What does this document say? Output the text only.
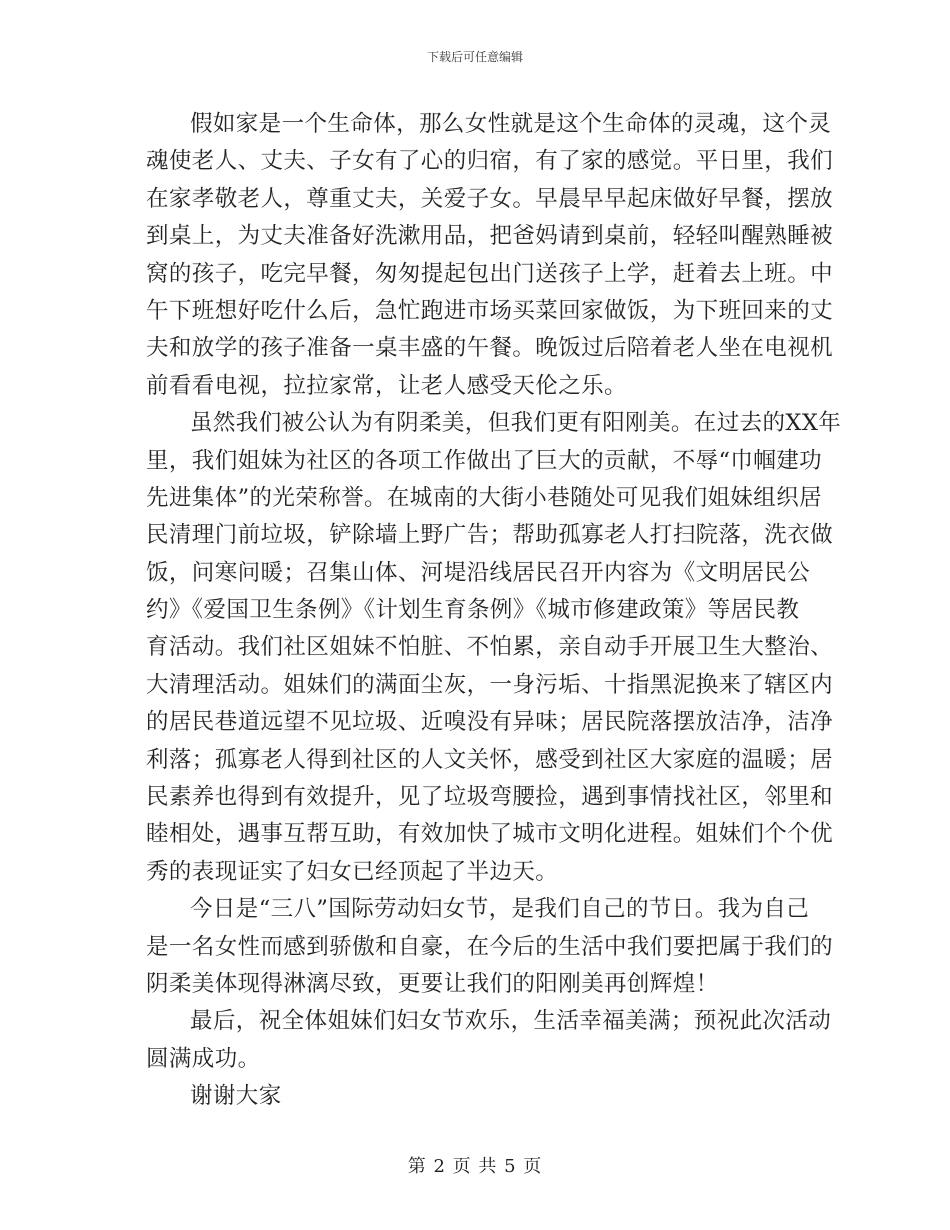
下载后可任意编辑
假如家是一个生命体，那么女性就是这个生命体的灵魂，这个灵
魂使老人、丈夫、子女有了心的归宿，有了家的感觉。平日里，我们
在家孝敬老人，尊重丈夫，关爱子女。早晨早早起床做好早餐，摆放
到桌上，为丈夫准备好洗漱用品，把爸妈请到桌前，轻轻叫醒熟睡被
窝的孩子，吃完早餐，匆匆提起包出门送孩子上学，赶着去上班。中
午下班想好吃什么后，急忙跑进市场买菜回家做饭，为下班回来的丈
夫和放学的孩子准备一桌丰盛的午餐。晚饭过后陪着老人坐在电视机
前看看电视，拉拉家常，让老人感受天伦之乐。
虽然我们被公认为有阴柔美，但我们更有阳刚美。在过去的XX年
里，我们姐妹为社区的各项工作做出了巨大的贡献，不辱“巾帼建功
先进集体”的光荣称誉。在城南的大街小巷随处可见我们姐妹组织居
民清理门前垃圾，铲除墙上野广告；帮助孤寡老人打扫院落，洗衣做
饭，问寒问暖；召集山体、河堤沿线居民召开内容为《文明居民公
约》《爱国卫生条例》《计划生育条例》《城市修建政策》等居民教
育活动。我们社区姐妹不怕脏、不怕累，亲自动手开展卫生大整治、
大清理活动。姐妹们的满面尘灰，一身污垢、十指黑泥换来了辖区内
的居民巷道远望不见垃圾、近嗅没有异味；居民院落摆放洁净，洁净
利落；孤寡老人得到社区的人文关怀，感受到社区大家庭的温暖；居
民素养也得到有效提升，见了垃圾弯腰捡，遇到事情找社区，邻里和
睦相处，遇事互帮互助，有效加快了城市文明化进程。姐妹们个个优
秀的表现证实了妇女已经顶起了半边天。
今日是“三八”国际劳动妇女节，是我们自己的节日。我为自己
是一名女性而感到骄傲和自豪，在今后的生活中我们要把属于我们的
阴柔美体现得淋漓尽致，更要让我们的阳刚美再创辉煌！
最后，祝全体姐妹们妇女节欢乐，生活幸福美满；预祝此次活动
圆满成功。
谢谢大家
第 2 页 共 5 页
